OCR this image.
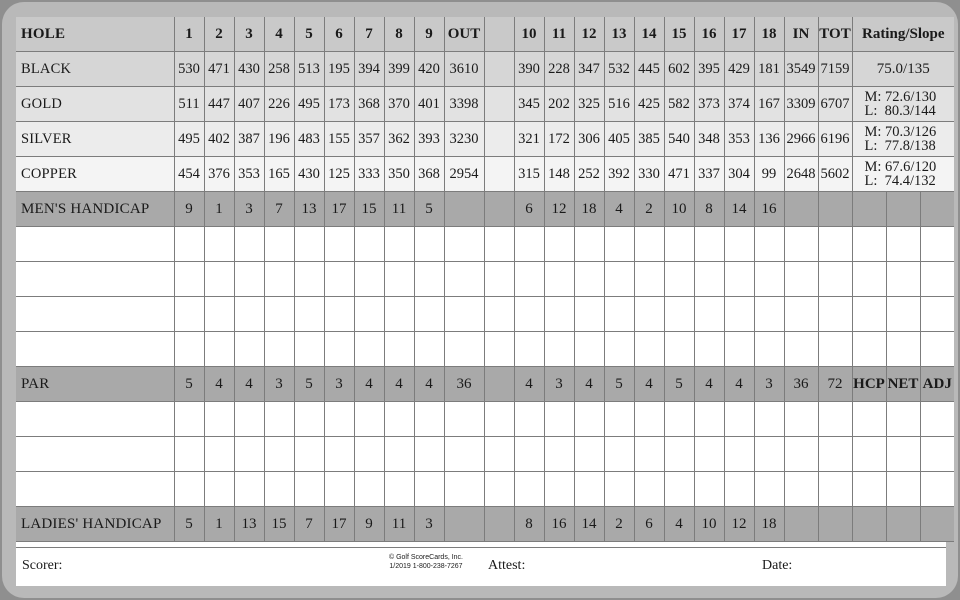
HOLE	1	2	3	4	5	6	7	8	9	OUT		10	11	12	13	14	15	16	17	18	IN	TOT	Rating/Slope		
BLACK	530	471	430	258	513	195	394	399	420	3610		390	228	347	532	445	602	395	429	181	3549	7159	75.0/135		
GOLD	511	447	407	226	495	173	368	370	401	3398		345	202	325	516	425	582	373	374	167	3309	6707	M: 72.6/130
L:  80.3/144		

SILVER	495	402	387	196	483	155	357	362	393	3230		321	172	306	405	385	540	348	353	136	2966	6196	M: 70.3/126
L:  77.8/138		

COPPER	454	376	353	165	430	125	333	350	368	2954		315	148	252	392	330	471	337	304	99	2648	5602	M: 67.6/120
L:  74.4/132		

MEN'S HANDICAP	9	1	3	7	13	17	15	11	5			6	12	18	4	2	10	8	14	16					

PAR	5	4	4	3	5	3	4	4	4	36		4	3	4	5	4	5	4	4	3	36	72	HCP	NET	ADJ

LADIES' HANDICAP	5	1	13	15	7	17	9	11	3			8	16	14	2	6	4	10	12	18					
Scorer:
© Golf ScoreCards, Inc.
1/2019 1-800-238-7267	Attest:	Date:
